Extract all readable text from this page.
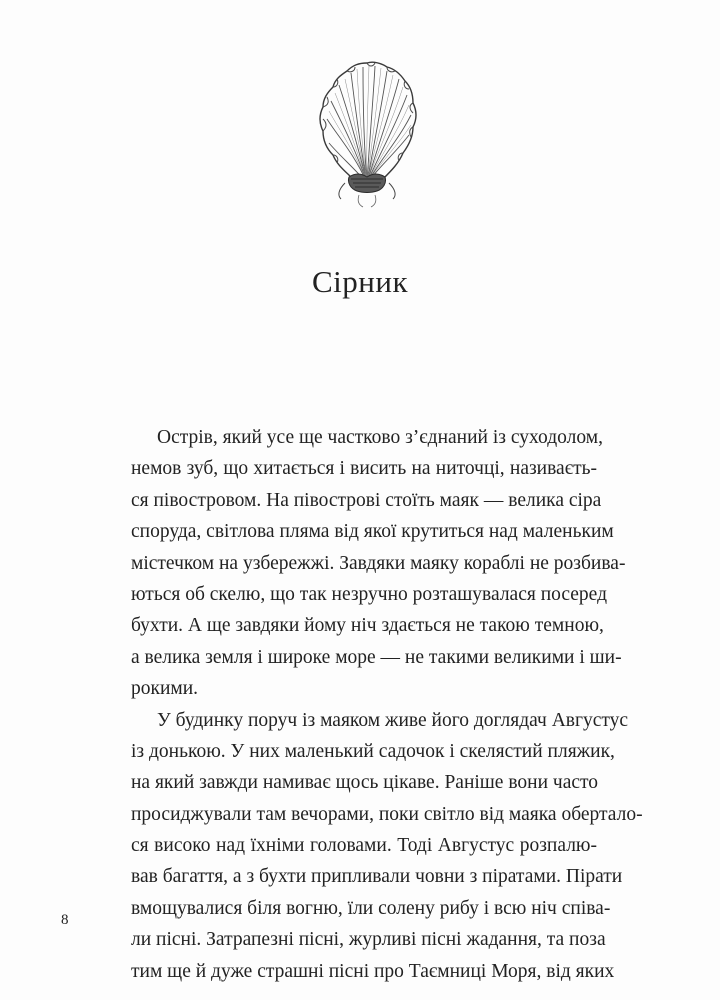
Сірник
Острів, який усе ще частково з’єднаний із суходолом,
немов зуб, що хитається і висить на ниточці, називаєть-
ся півостровом. На півострові стоїть маяк — велика сіра
споруда, світлова пляма від якої крутиться над маленьким
містечком на узбережжі. Завдяки маяку кораблі не розбива-
ються об скелю, що так незручно розташувалася посеред
бухти. А ще завдяки йому ніч здається не такою темною,
а велика земля і широке море — не такими великими і ши-
рокими.
У будинку поруч із маяком живе його доглядач Августус
із донькою. У них маленький садочок і скелястий пляжик,
на який завжди намиває щось цікаве. Раніше вони часто
просиджували там вечорами, поки світло від маяка обертало-
ся високо над їхніми головами. Тоді Августус розпалю-
вав багаття, а з бухти припливали човни з піратами. Пірати
вмощувалися біля вогню, їли солену рибу і всю ніч співа-
ли пісні. Затрапезні пісні, журливі пісні жадання, та поза
тим ще й дуже страшні пісні про Таємниці Моря, від яких
8
